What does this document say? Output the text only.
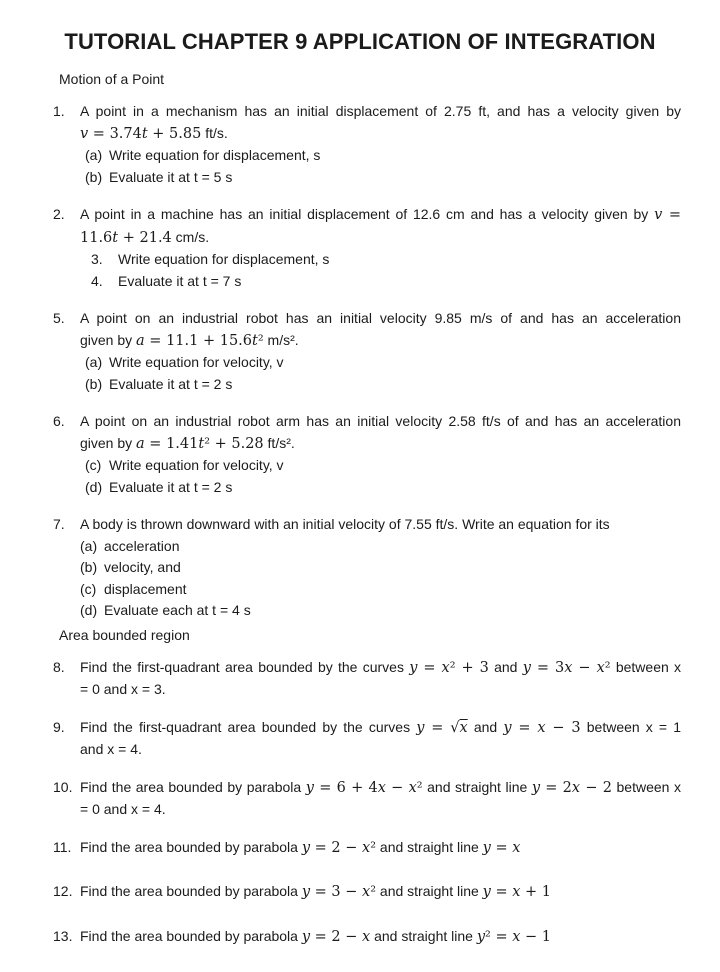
TUTORIAL CHAPTER 9 APPLICATION OF INTEGRATION
Motion of a Point
1.	A point in a mechanism has an initial displacement of 2.75 ft, and has a velocity given by
v = 3.74t + 5.85 ft/s.
(a) Write equation for displacement, s
(b) Evaluate it at t = 5 s
2.	A point in a machine has an initial displacement of 12.6 cm and has a velocity given by v =
11.6t + 21.4 cm/s.
3. Write equation for displacement, s
4. Evaluate it at t = 7 s
5.	A point on an industrial robot has an initial velocity 9.85 m/s of and has an acceleration
given by a = 11.1 + 15.6t² m/s².
(a) Write equation for velocity, v
(b) Evaluate it at t = 2 s
6.	A point on an industrial robot arm has an initial velocity 2.58 ft/s of and has an acceleration
given by a = 1.41t² + 5.28 ft/s².
(c) Write equation for velocity, v
(d) Evaluate it at t = 2 s
7.	A body is thrown downward with an initial velocity of 7.55 ft/s. Write an equation for its
(a) acceleration
(b) velocity, and
(c) displacement
(d) Evaluate each at t = 4 s
Area bounded region
8.	Find the first-quadrant area bounded by the curves y = x² + 3 and y = 3x − x² between x
= 0 and x = 3.
9.	Find the first-quadrant area bounded by the curves y = √x and y = x − 3 between x = 1
and x = 4.
10. Find the area bounded by parabola y = 6 + 4x − x² and straight line y = 2x − 2 between x
= 0 and x = 4.
11. Find the area bounded by parabola y = 2 − x² and straight line y = x
12. Find the area bounded by parabola y = 3 − x² and straight line y = x + 1
13. Find the area bounded by parabola y = 2 − x and straight line y² = x − 1
